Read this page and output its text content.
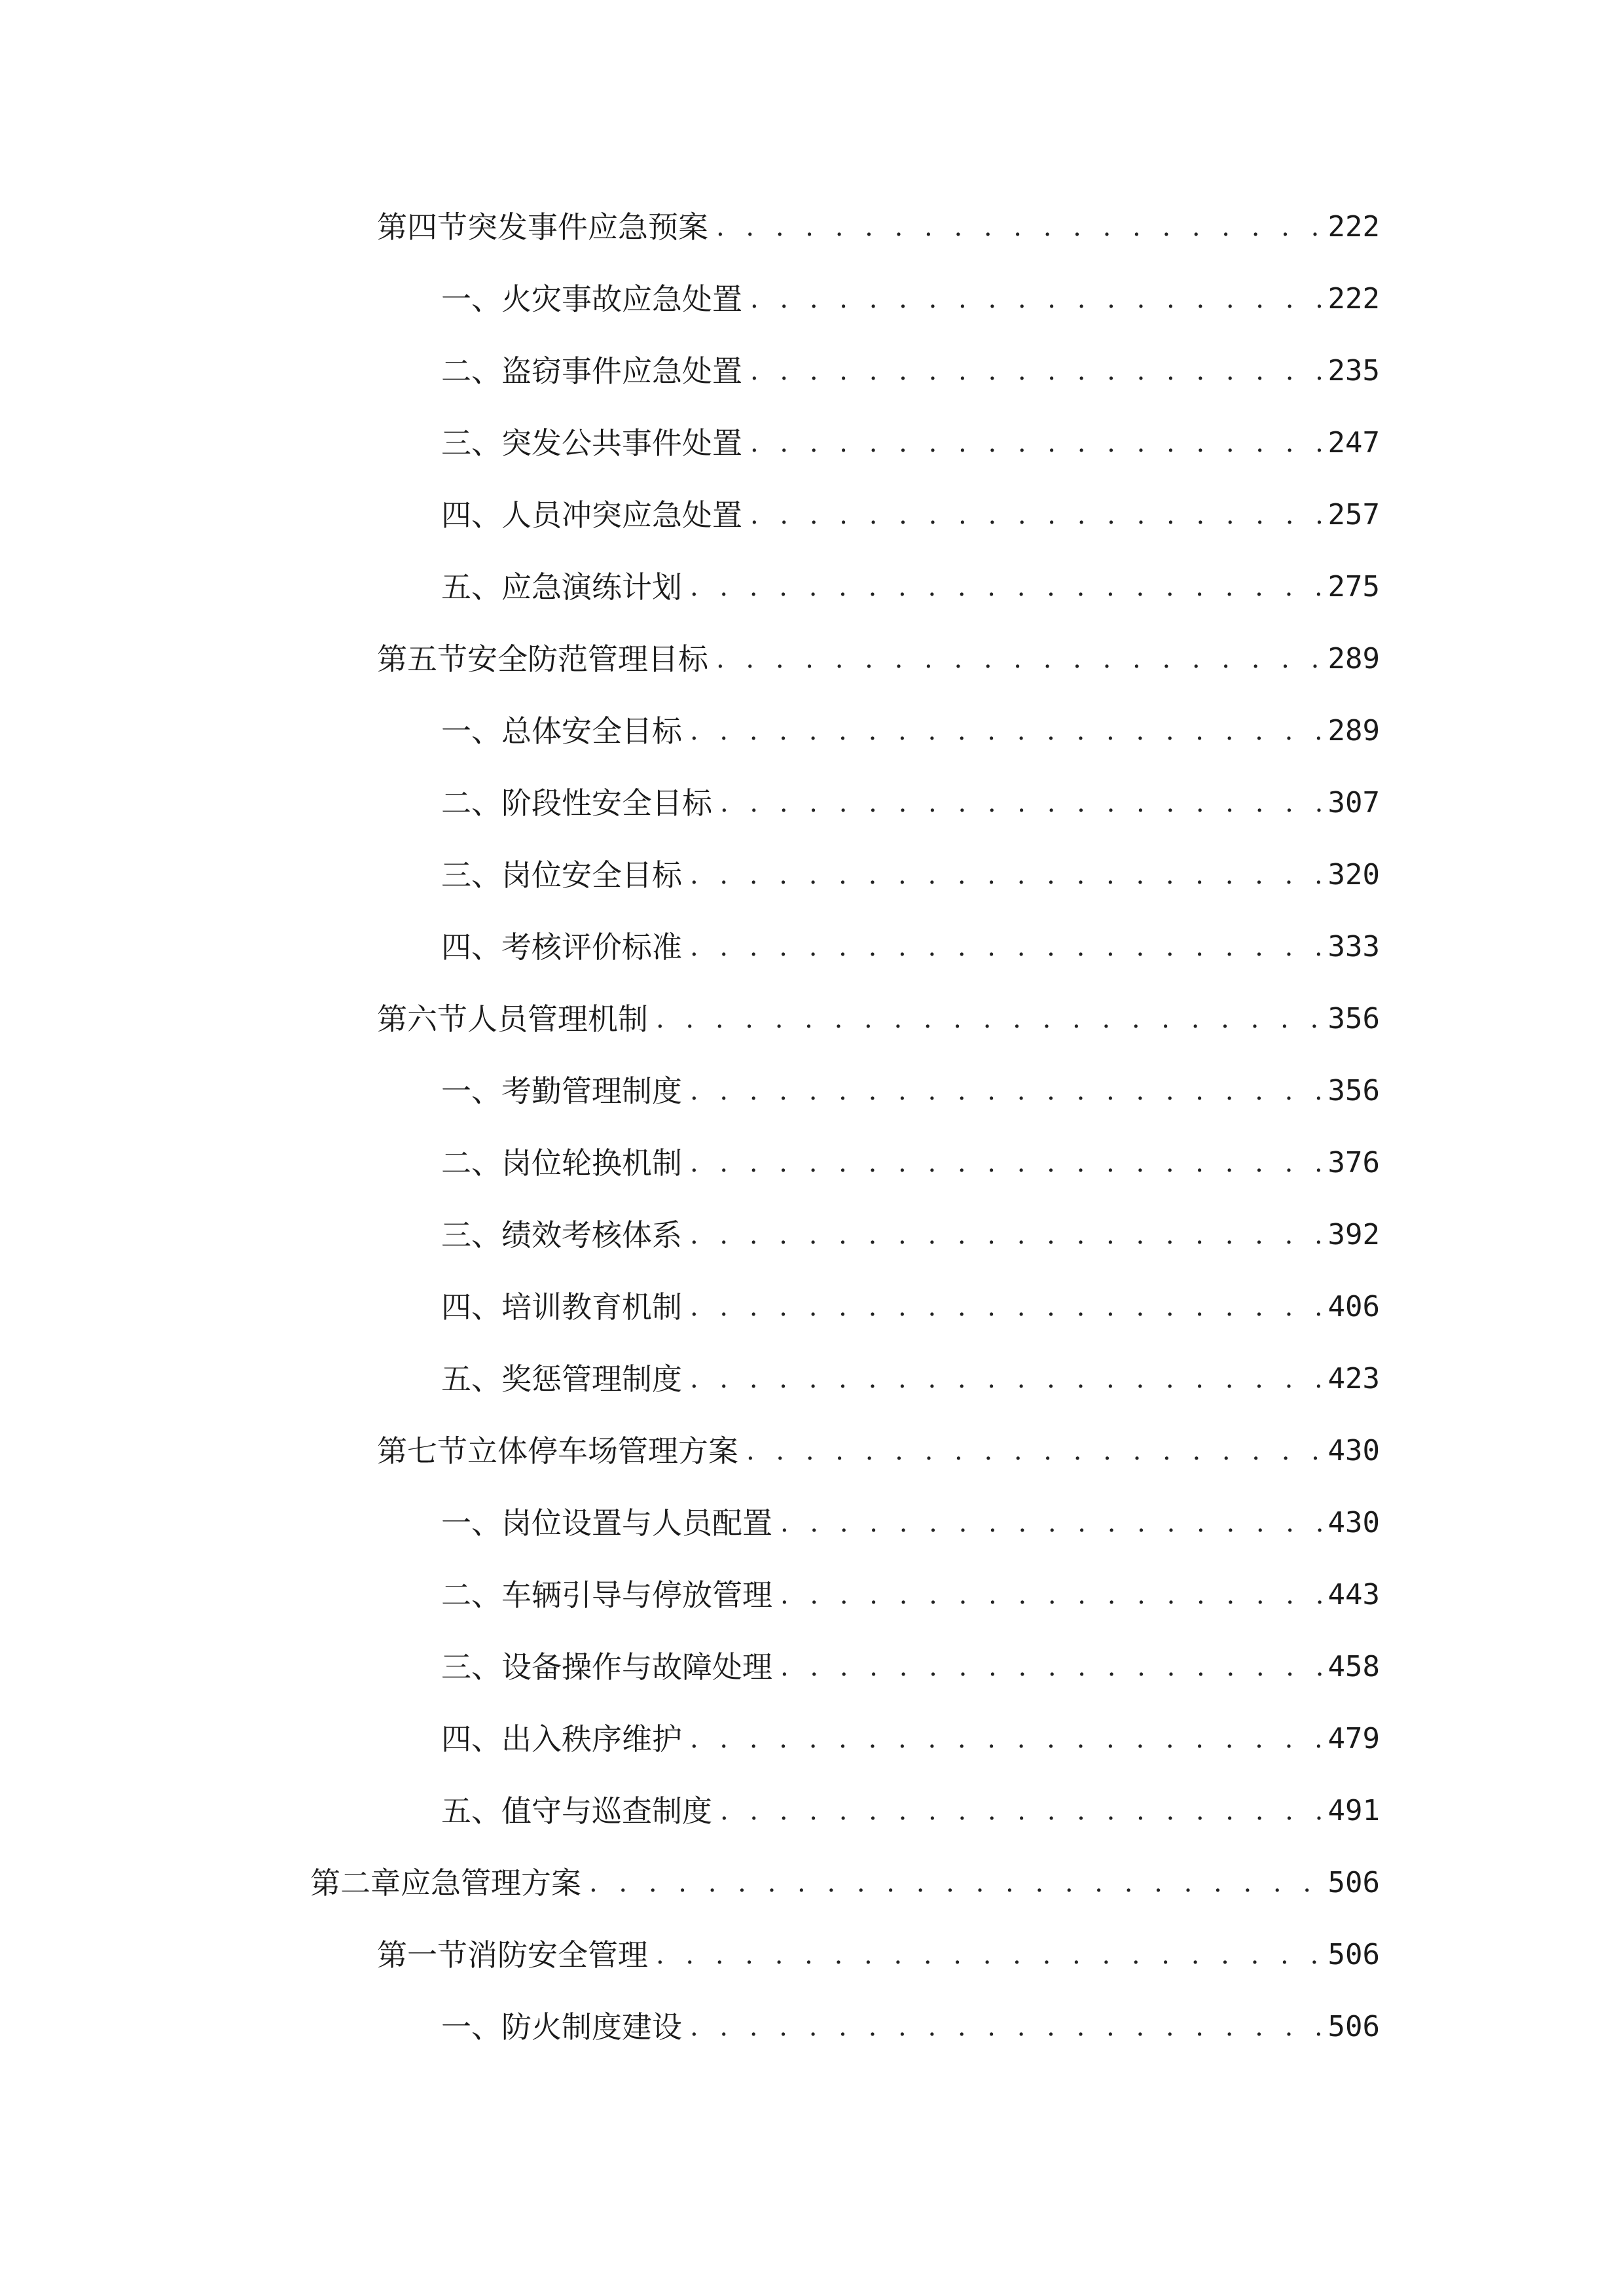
第四节 突发事件应急预案 . . .	222
一、 火灾事故应急处置 . . .	222
二、 盗窃事件应急处置 . . .	235
三、 突发公共事件处置 . . .	247
四、 人员冲突应急处置 . . .	257
五、 应急演练计划 . . .	275
第五节 安全防范管理目标 . . .	289
一、 总体安全目标 . . .	289
二、 阶段性安全目标 . . .	307
三、 岗位安全目标 . . .	320
四、 考核评价标准 . . .	333
第六节 人员管理机制 . . .	356
一、 考勤管理制度 . . .	356
二、 岗位轮换机制 . . .	376
三、 绩效考核体系 . . .	392
四、 培训教育机制 . . .	406
五、 奖惩管理制度 . . .	423
第七节 立体停车场管理方案 . . .	430
一、 岗位设置与人员配置 . . .	430
二、 车辆引导与停放管理 . . .	443
三、 设备操作与故障处理 . . .	458
四、 出入秩序维护 . . .	479
五、 值守与巡查制度 . . .	491
第二章 应急管理方案 . . .	506
第一节 消防安全管理 . . .	506
一、 防火制度建设 . . .	506
